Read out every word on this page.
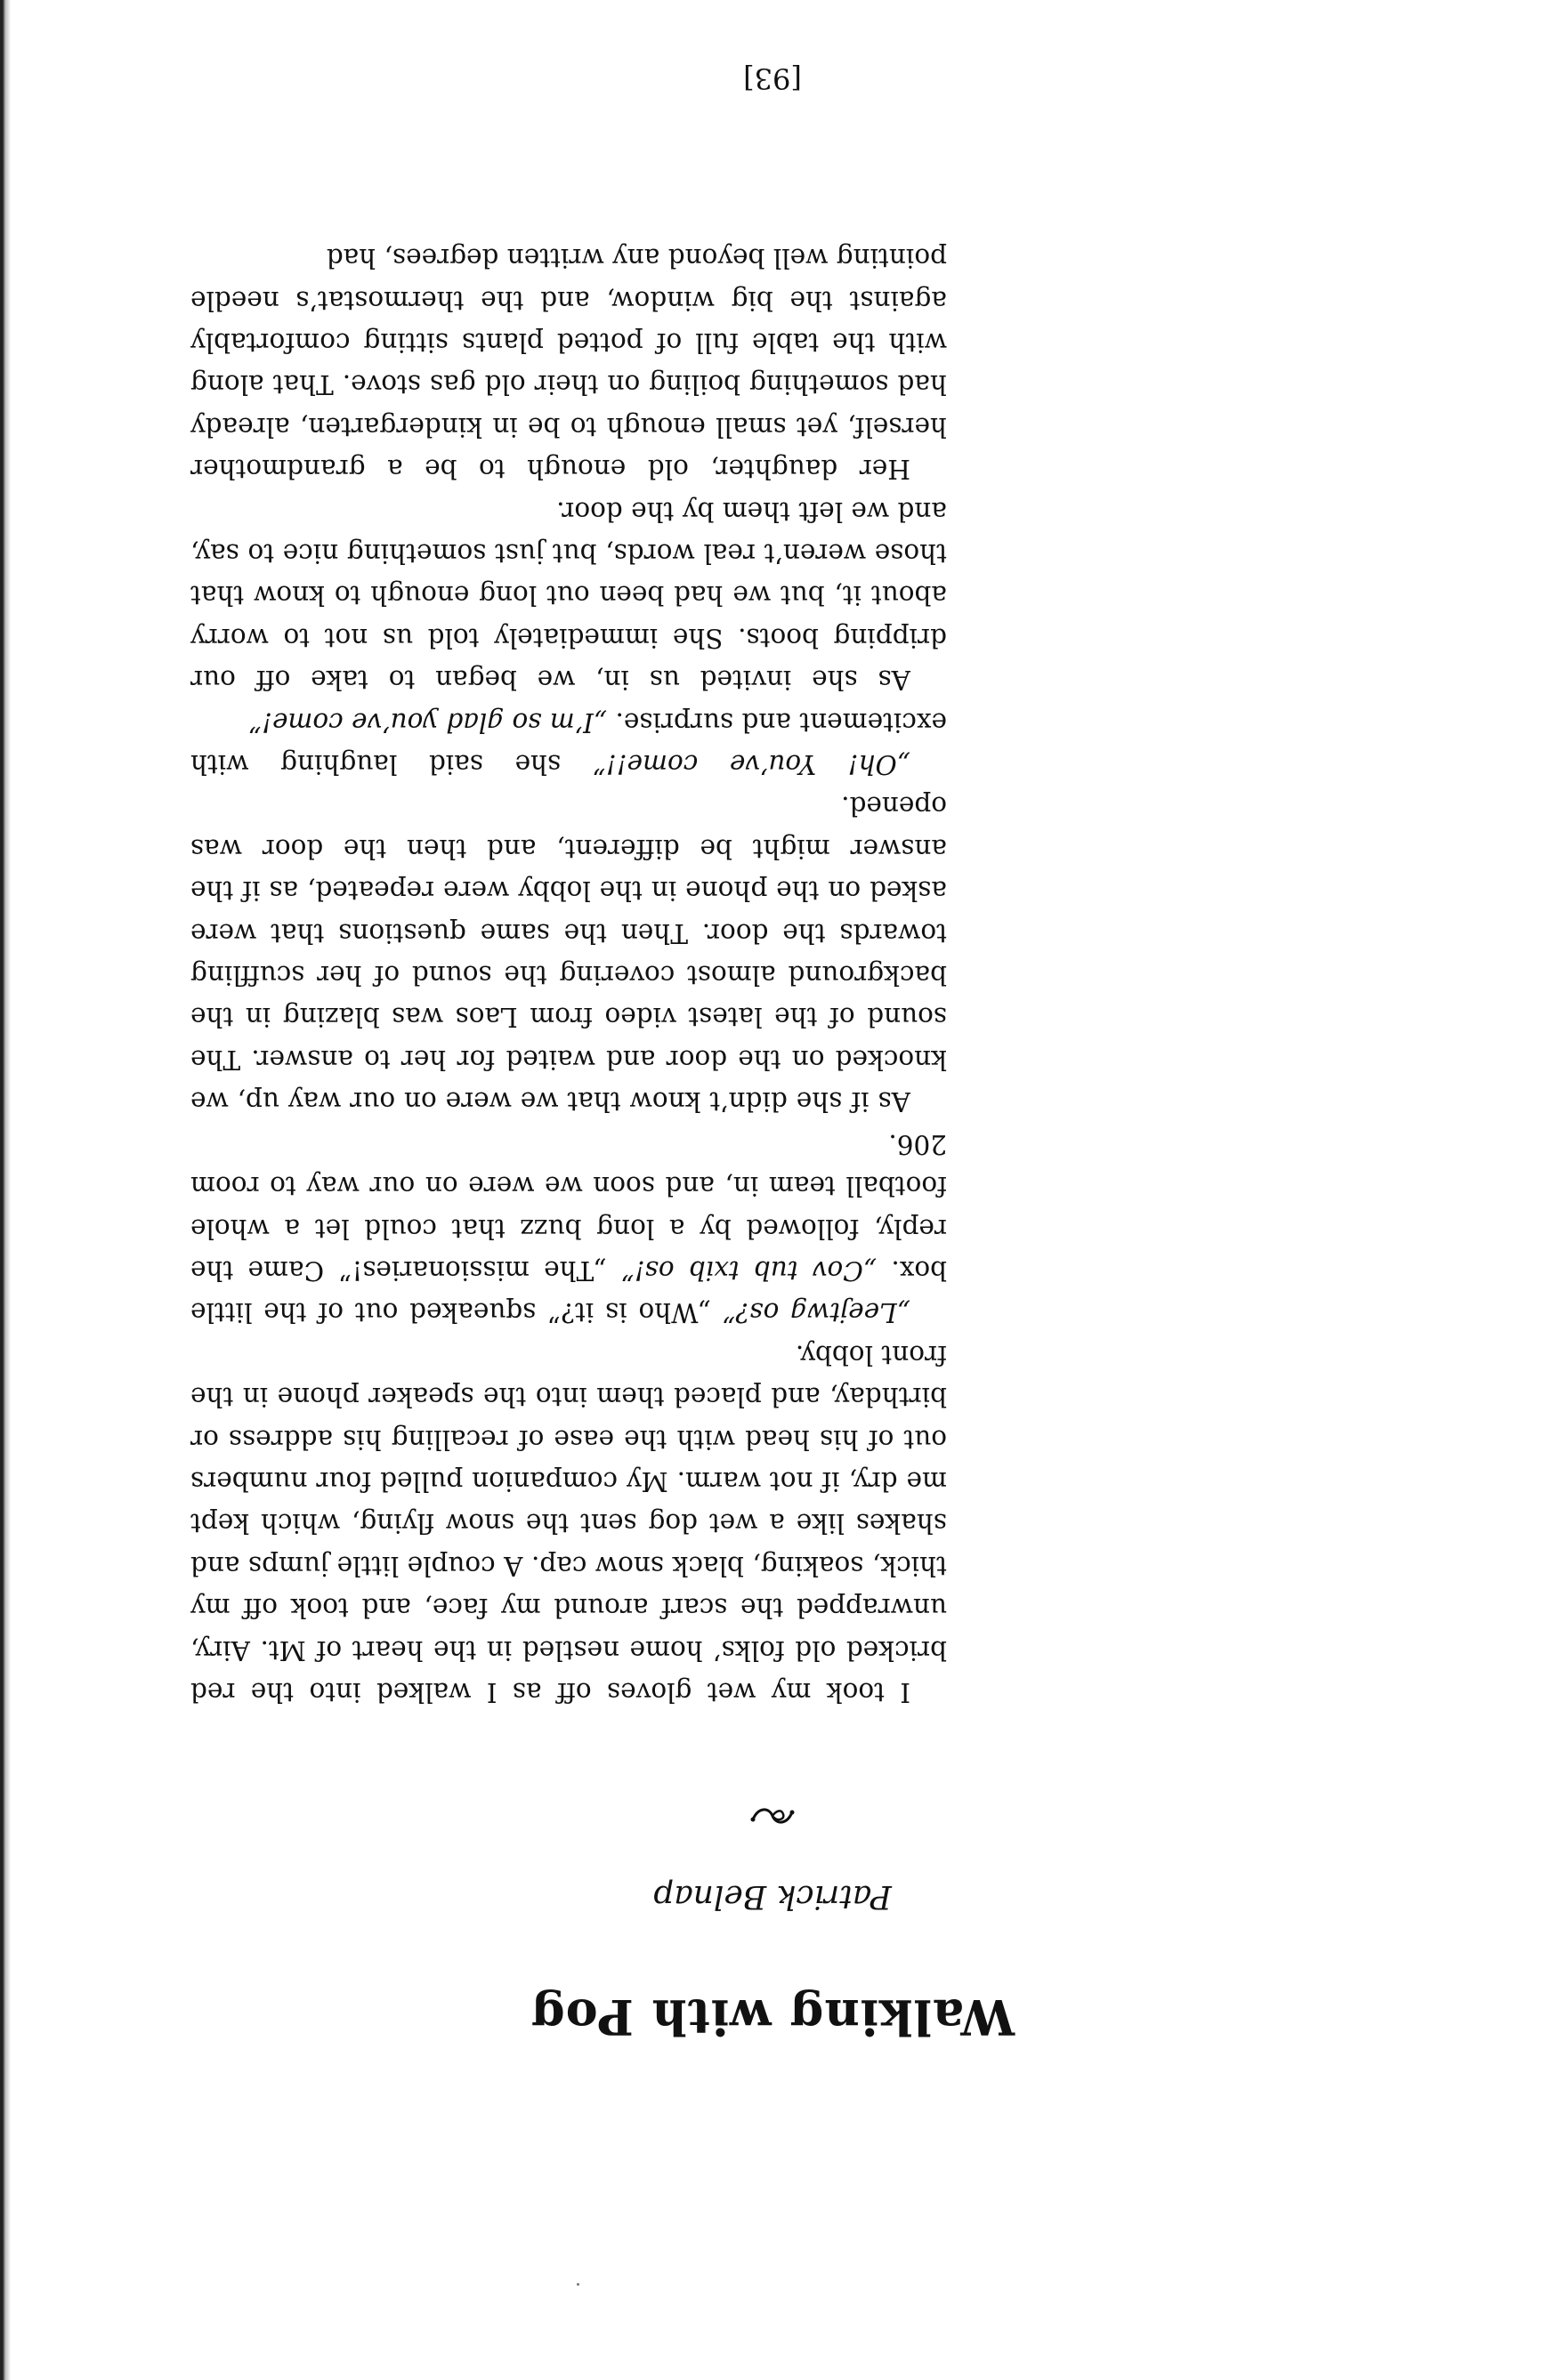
Walking with Pog
Patrick Belnap

I took my wet gloves off as I walked into the red bricked old folks’ home nestled in the heart of Mt. Airy, unwrapped the scarf around my face, and took off my thick, soaking, black snow cap. A couple little jumps and shakes like a wet dog sent the snow flying, which kept me dry, if not warm. My companion pulled four numbers out of his head with the ease of recalling his address or birthday, and placed them into the speaker phone in the front lobby.

„Leejtwg os?” „Who is it?” squeaked out of the little box. „Cov tub txib os!” „The missionaries!” Came the reply, followed by a long buzz that could let a whole football team in, and soon we were on our way to room 206.

As if she didn’t know that we were on our way up, we knocked on the door and waited for her to answer. The sound of the latest video from Laos was blazing in the background almost covering the sound of her scuffling towards the door. Then the same questions that were asked on the phone in the lobby were repeated, as if the answer might be different, and then the door was opened.

„Oh! You’ve come!!” she said laughing with excitement and surprise. „I’m so glad you’ve come!”

As she invited us in, we began to take off our dripping boots. She immediately told us not to worry about it, but we had been out long enough to know that those weren’t real words, but just something nice to say, and we left them by the door.

Her daughter, old enough to be a grandmother herself, yet small enough to be in kindergarten, already had something boiling on their old gas stove. That along with the table full of potted plants sitting comfortably against the big window, and the thermostat’s needle pointing well beyond any written degrees, had

[93]
